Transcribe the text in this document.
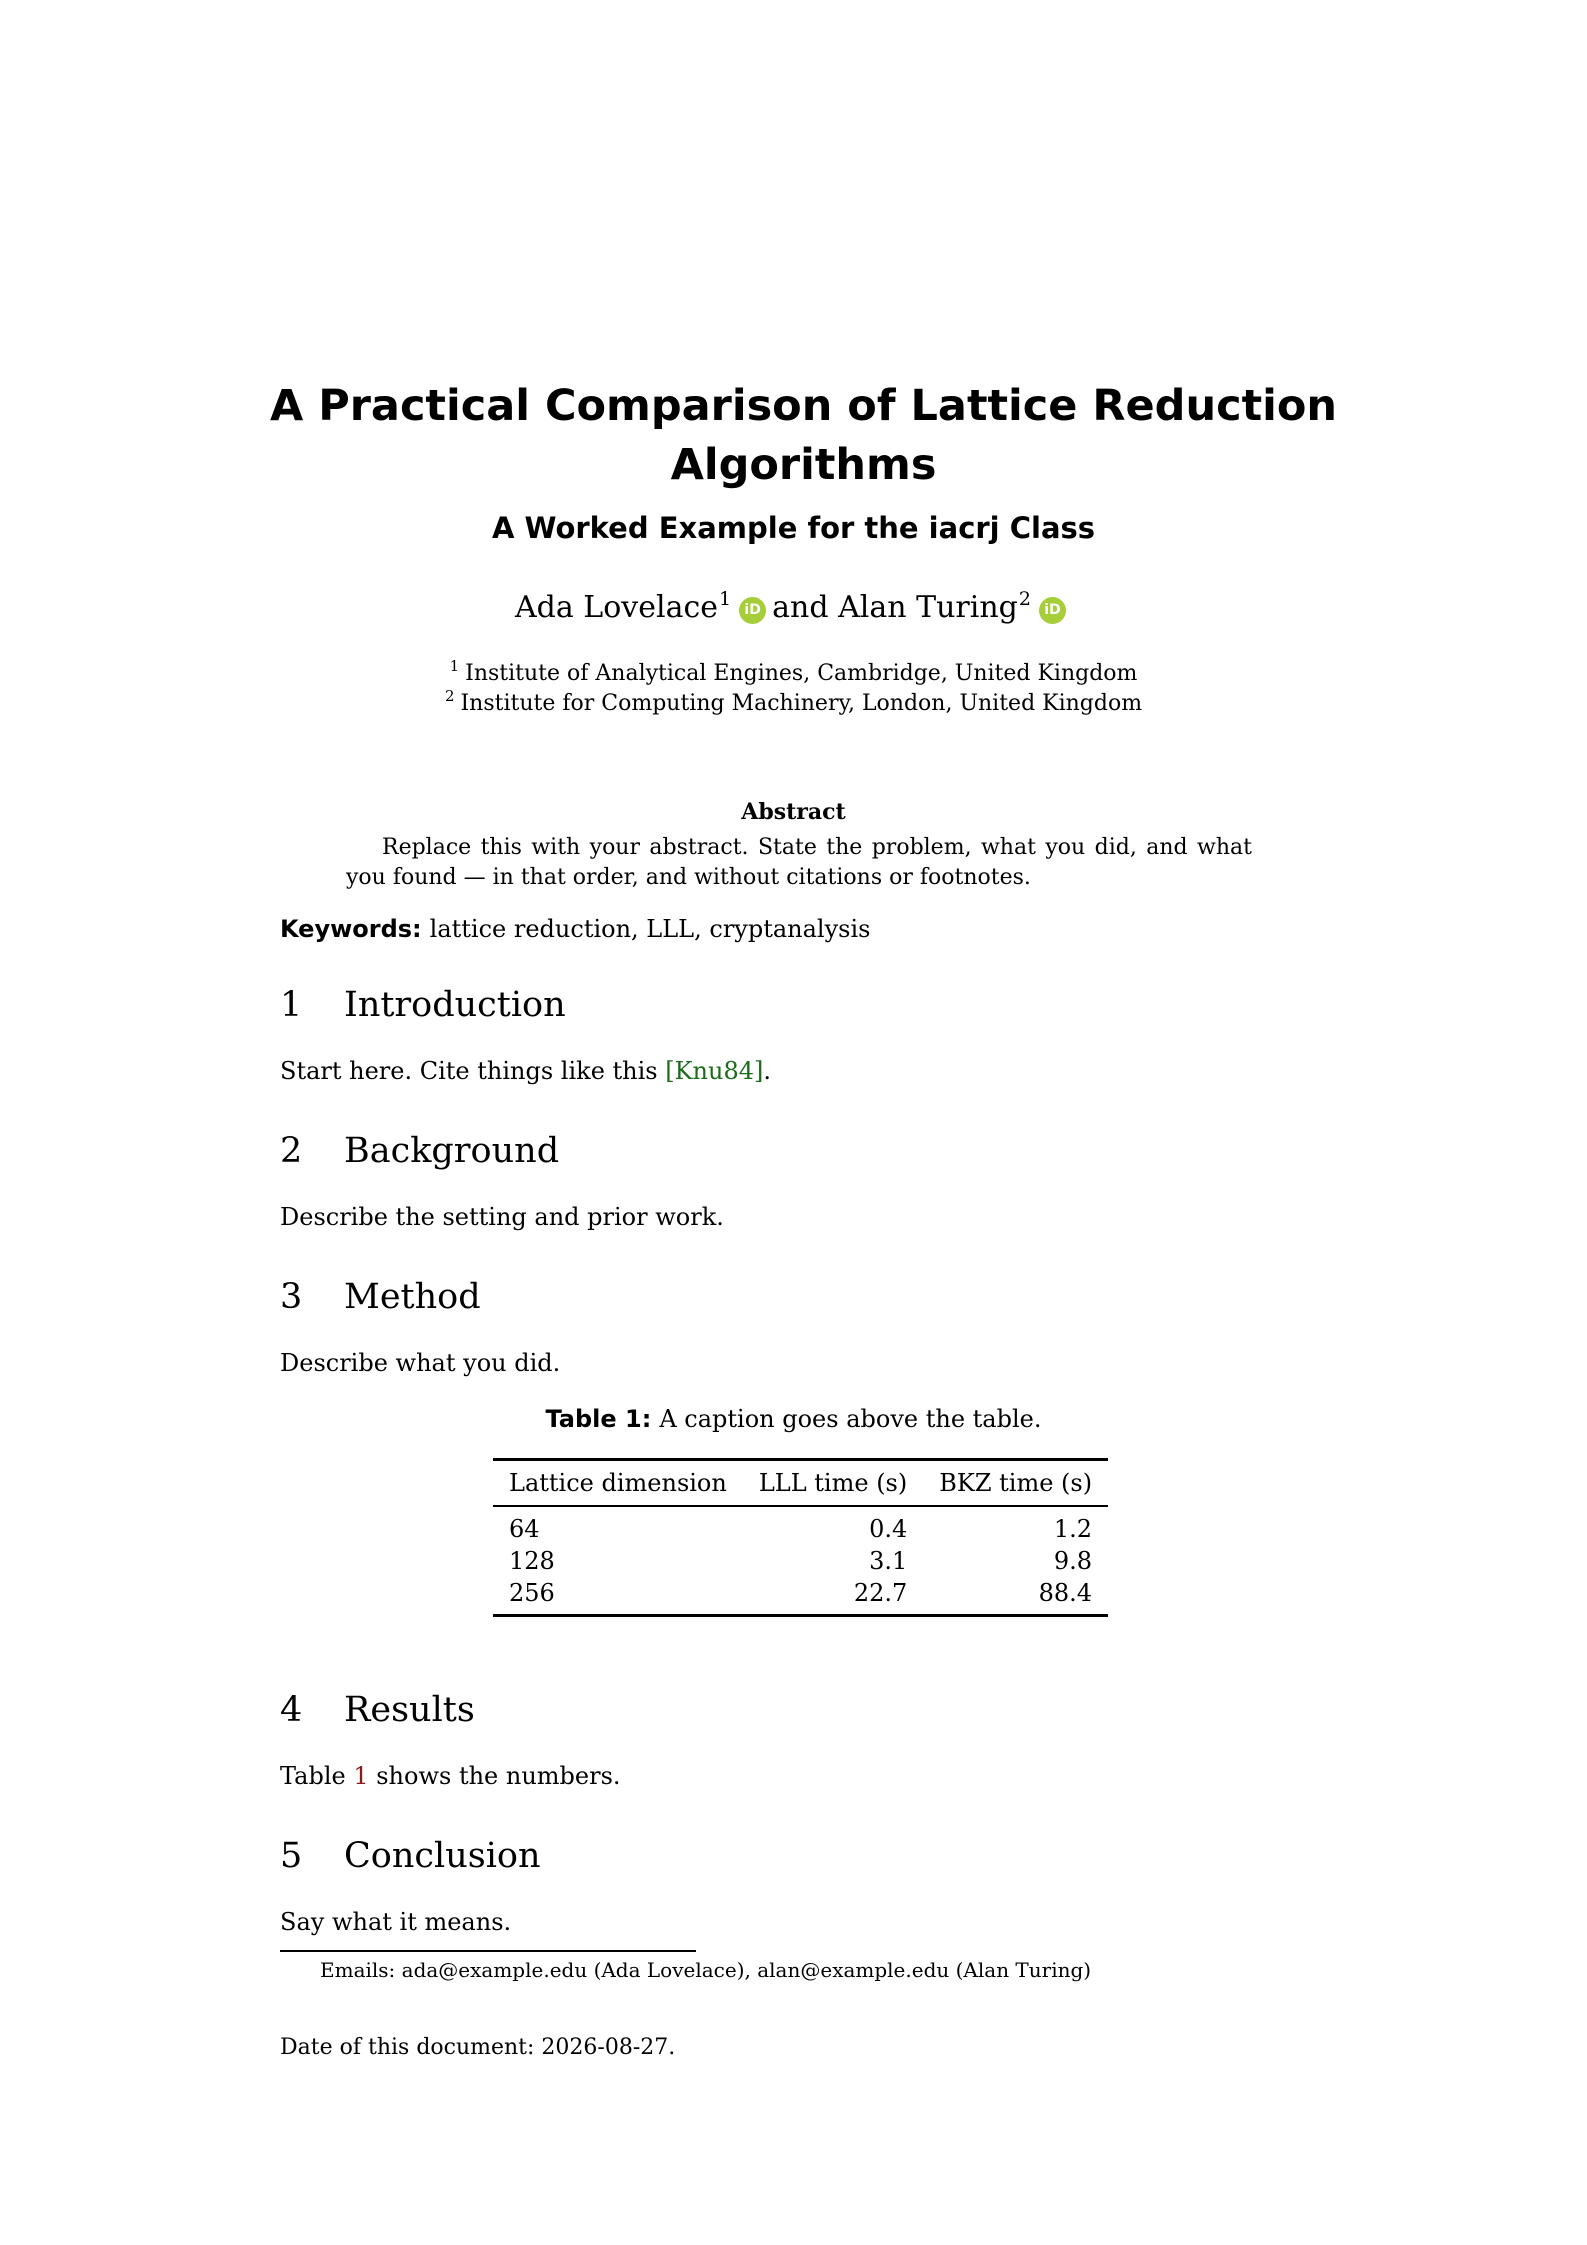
A Practical Comparison of Lattice Reduction Algorithms
A Worked Example for the iacrj Class
Ada Lovelace$^1$ iD and Alan Turing$^2$ iD
$^1$ Institute of Analytical Engines, Cambridge, United Kingdom
$^2$ Institute for Computing Machinery, London, United Kingdom
Abstract
Replace this with your abstract. State the problem, what you did, and what you found — in that order, and without citations or footnotes.
Keywords: lattice reduction, LLL, cryptanalysis
1 Introduction
Start here. Cite things like this [Knu84].
2 Background
Describe the setting and prior work.
3 Method
Describe what you did.
Table 1: A caption goes above the table.
Lattice dimension	LLL time (s)	BKZ time (s)
64	0.4	1.2
128	3.1	9.8
256	22.7	88.4
4 Results
Table 1 shows the numbers.
5 Conclusion
Say what it means.
Emails: ada@example.edu (Ada Lovelace), alan@example.edu (Alan Turing)
Date of this document: 2026-08-27.
